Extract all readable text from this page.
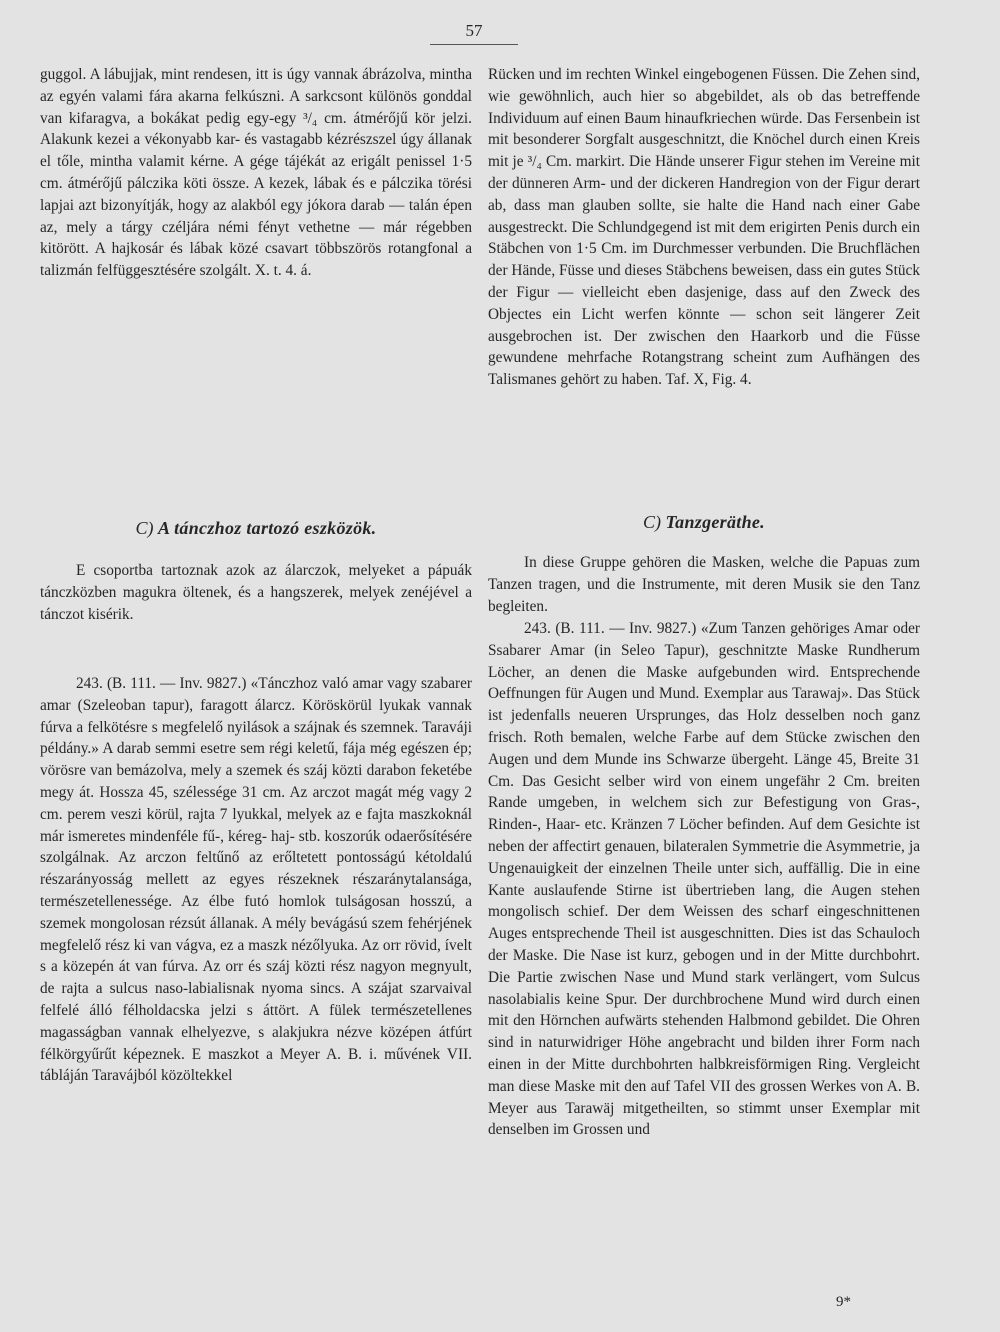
57

guggol. A lábujjak, mint rendesen, itt is úgy vannak ábrázolva, mintha az egyén valami fára akarna felkúszni. A sarkcsont különös gonddal van kifaragva, a bokákat pedig egy-egy ³/₄ cm. átmérőjű kör jelzi. Alakunk kezei a vékonyabb kar- és vastagabb kézrészszel úgy állanak el tőle, mintha valamit kérne. A gége tájékát az erigált penissel 1·5 cm. átmérőjű pálczika köti össze. A kezek, lábak és e pálczika törési lapjai azt bizonyítják, hogy az alakból egy jókora darab — talán épen az, mely a tárgy czéljára némi fényt vethetne — már régebben kitörött. A hajkosár és lábak közé csavart többszörös rotangfonal a talizmán felfüggesztésére szolgált. X. t. 4. á.

C) A tánczhoz tartozó eszközök.

E csoportba tartoznak azok az álarczok, melyeket a pápuák tánczközben magukra öltenek, és a hangszerek, melyek zenéjével a tánczot kisérik.

243. (B. 111. — Inv. 9827.) «Tánczhoz való amar vagy szabarer amar (Szeleoban tapur), faragott álarcz. Köröskörül lyukak vannak fúrva a felkötésre s megfelelő nyilások a szájnak és szemnek. Taraváji példány.» A darab semmi esetre sem régi keletű, fája még egészen ép; vörösre van bemázolva, mely a szemek és száj közti darabon feketébe megy át. Hossza 45, szélessége 31 cm. Az arczot magát még vagy 2 cm. perem veszi körül, rajta 7 lyukkal, melyek az e fajta maszkoknál már ismeretes mindenféle fű-, kéreg- haj- stb. koszorúk odaerősítésére szolgálnak. Az arczon feltűnő az erőltetett pontosságú kétoldalú részarányosság mellett az egyes részeknek részaránytalansága, természetellenessége. Az élbe futó homlok tulságosan hosszú, a szemek mongolosan rézsút állanak. A mély bevágású szem fehérjének megfelelő rész ki van vágva, ez a maszk nézőlyuka. Az orr rövid, ívelt s a közepén át van fúrva. Az orr és száj közti rész nagyon megnyult, de rajta a sulcus naso-labialisnak nyoma sincs. A szájat szarvaival felfelé álló félholdacska jelzi s áttört. A fülek természetellenes magasságban vannak elhelyezve, s alakjukra nézve középen átfúrt félkörgyűrűt képeznek. E maszkot a Meyer A. B. i. művének VII. tábláján Taravájból közöltekkel

Rücken und im rechten Winkel eingebogenen Füssen. Die Zehen sind, wie gewöhnlich, auch hier so abgebildet, als ob das betreffende Individuum auf einen Baum hinaufkriechen würde. Das Fersenbein ist mit besonderer Sorgfalt ausgeschnitzt, die Knöchel durch einen Kreis mit je ³/₄ Cm. markirt. Die Hände unserer Figur stehen im Vereine mit der dünneren Arm- und der dickeren Handregion von der Figur derart ab, dass man glauben sollte, sie halte die Hand nach einer Gabe ausgestreckt. Die Schlundgegend ist mit dem erigirten Penis durch ein Stäbchen von 1·5 Cm. im Durchmesser verbunden. Die Bruchflächen der Hände, Füsse und dieses Stäbchens beweisen, dass ein gutes Stück der Figur — vielleicht eben dasjenige, dass auf den Zweck des Objectes ein Licht werfen könnte — schon seit längerer Zeit ausgebrochen ist. Der zwischen den Haarkorb und die Füsse gewundene mehrfache Rotangstrang scheint zum Aufhängen des Talismanes gehört zu haben. Taf. X, Fig. 4.

C) Tanzgeräthe.

In diese Gruppe gehören die Masken, welche die Papuas zum Tanzen tragen, und die Instrumente, mit deren Musik sie den Tanz begleiten.

243. (B. 111. — Inv. 9827.) «Zum Tanzen gehöriges Amar oder Ssabarer Amar (in Seleo Tapur), geschnitzte Maske Rundherum Löcher, an denen die Maske aufgebunden wird. Entsprechende Oeffnungen für Augen und Mund. Exemplar aus Tarawaj». Das Stück ist jedenfalls neueren Ursprunges, das Holz desselben noch ganz frisch. Roth bemalen, welche Farbe auf dem Stücke zwischen den Augen und dem Munde ins Schwarze übergeht. Länge 45, Breite 31 Cm. Das Gesicht selber wird von einem ungefähr 2 Cm. breiten Rande umgeben, in welchem sich zur Befestigung von Gras-, Rinden-, Haar- etc. Kränzen 7 Löcher befinden. Auf dem Gesichte ist neben der affectirt genauen, bilateralen Symmetrie die Asymmetrie, ja Ungenauigkeit der einzelnen Theile unter sich, auffällig. Die in eine Kante auslaufende Stirne ist übertrieben lang, die Augen stehen mongolisch schief. Der dem Weissen des scharf eingeschnittenen Auges entsprechende Theil ist ausgeschnitten. Dies ist das Schauloch der Maske. Die Nase ist kurz, gebogen und in der Mitte durchbohrt. Die Partie zwischen Nase und Mund stark verlängert, vom Sulcus nasolabialis keine Spur. Der durchbrochene Mund wird durch einen mit den Hörnchen aufwärts stehenden Halbmond gebildet. Die Ohren sind in naturwidriger Höhe angebracht und bilden ihrer Form nach einen in der Mitte durchbohrten halbkreisförmigen Ring. Vergleicht man diese Maske mit den auf Tafel VII des grossen Werkes von A. B. Meyer aus Tarawäj mitgetheilten, so stimmt unser Exemplar mit denselben im Grossen und

9*
